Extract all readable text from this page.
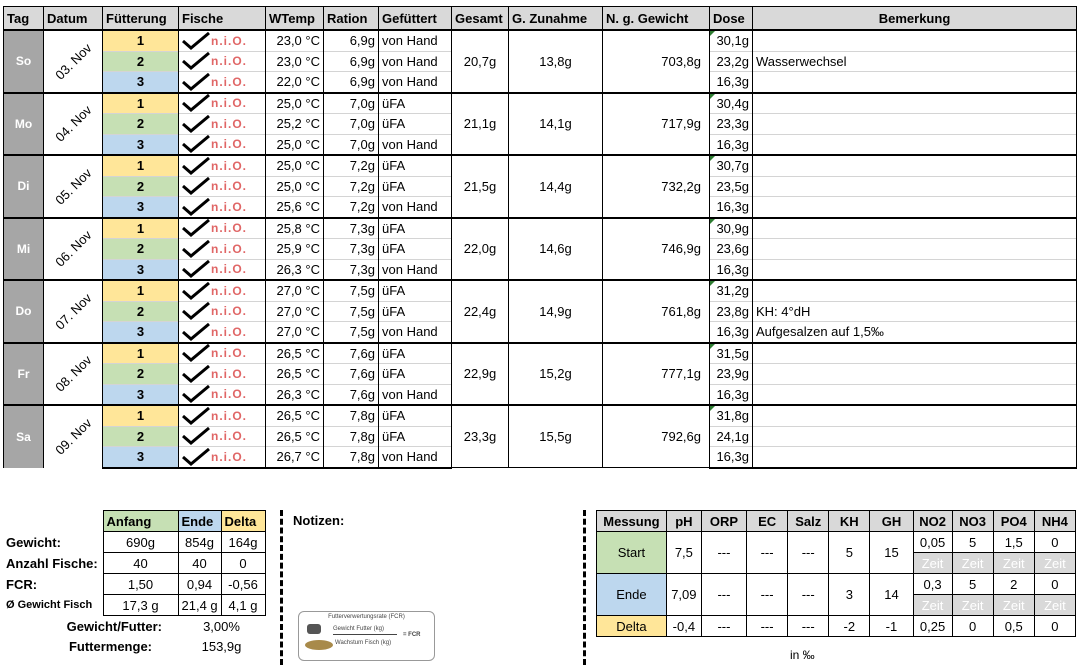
Tag	Datum	Fütterung	Fische	WTemp	Ration	Gefüttert	Gesamt	G. Zunahme	N. g. Gewicht	Dose	Bemerkung
So	03. Nov	1	n.i.O.	23,0 °C	6,9g	von Hand	20,7g	13,8g	703,8g	30,1g	
		2	n.i.O.	23,0 °C	6,9g	von Hand				23,2g	Wasserwechsel
		3	n.i.O.	22,0 °C	6,9g	von Hand				16,3g	
Mo	04. Nov	1	n.i.O.	25,0 °C	7,0g	üFA	21,1g	14,1g	717,9g	30,4g	
		2	n.i.O.	25,2 °C	7,0g	üFA				23,3g	
		3	n.i.O.	25,0 °C	7,0g	von Hand				16,3g	
Di	05. Nov	1	n.i.O.	25,0 °C	7,2g	üFA	21,5g	14,4g	732,2g	30,7g	
		2	n.i.O.	25,0 °C	7,2g	üFA				23,5g	
		3	n.i.O.	25,6 °C	7,2g	von Hand				16,3g	
Mi	06. Nov	1	n.i.O.	25,8 °C	7,3g	üFA	22,0g	14,6g	746,9g	30,9g	
		2	n.i.O.	25,9 °C	7,3g	üFA				23,6g	
		3	n.i.O.	26,3 °C	7,3g	von Hand				16,3g	
Do	07. Nov	1	n.i.O.	27,0 °C	7,5g	üFA	22,4g	14,9g	761,8g	31,2g	
		2	n.i.O.	27,0 °C	7,5g	üFA				23,8g	KH: 4°dH
		3	n.i.O.	27,0 °C	7,5g	von Hand				16,3g	Aufgesalzen auf 1,5‰
Fr	08. Nov	1	n.i.O.	26,5 °C	7,6g	üFA	22,9g	15,2g	777,1g	31,5g	
		2	n.i.O.	26,5 °C	7,6g	üFA				23,9g	
		3	n.i.O.	26,3 °C	7,6g	von Hand				16,3g	
Sa	09. Nov	1	n.i.O.	26,5 °C	7,8g	üFA	23,3g	15,5g	792,6g	31,8g	
		2	n.i.O.	26,5 °C	7,8g	üFA				24,1g	
		3	n.i.O.	26,7 °C	7,8g	von Hand				16,3g	
	Anfang	Ende	Delta
Gewicht:	690g	854g	164g
Anzahl Fische:	40	40	0
FCR:	1,50	0,94	-0,56
Ø Gewicht Fisch	17,3 g	21,4 g	4,1 g
Gewicht/Futter:		3,00%	
Futtermenge:		153,9g	
Notizen:
Futterverwertungsrate (FCR)
Gewicht Futter (kg)
Wachstum Fisch (kg)
= FCR
Messung	pH	ORP	EC	Salz	KH	GH	NO2	NO3	PO4	NH4
Start	7,5	---	---	---	5	15	0,05	5	1,5	0
							Zeit	Zeit	Zeit	Zeit
Ende	7,09	---	---	---	3	14	0,3	5	2	0
							Zeit	Zeit	Zeit	Zeit
Delta	-0,4	---	---	---	-2	-1	0,25	0	0,5	0
in ‰
